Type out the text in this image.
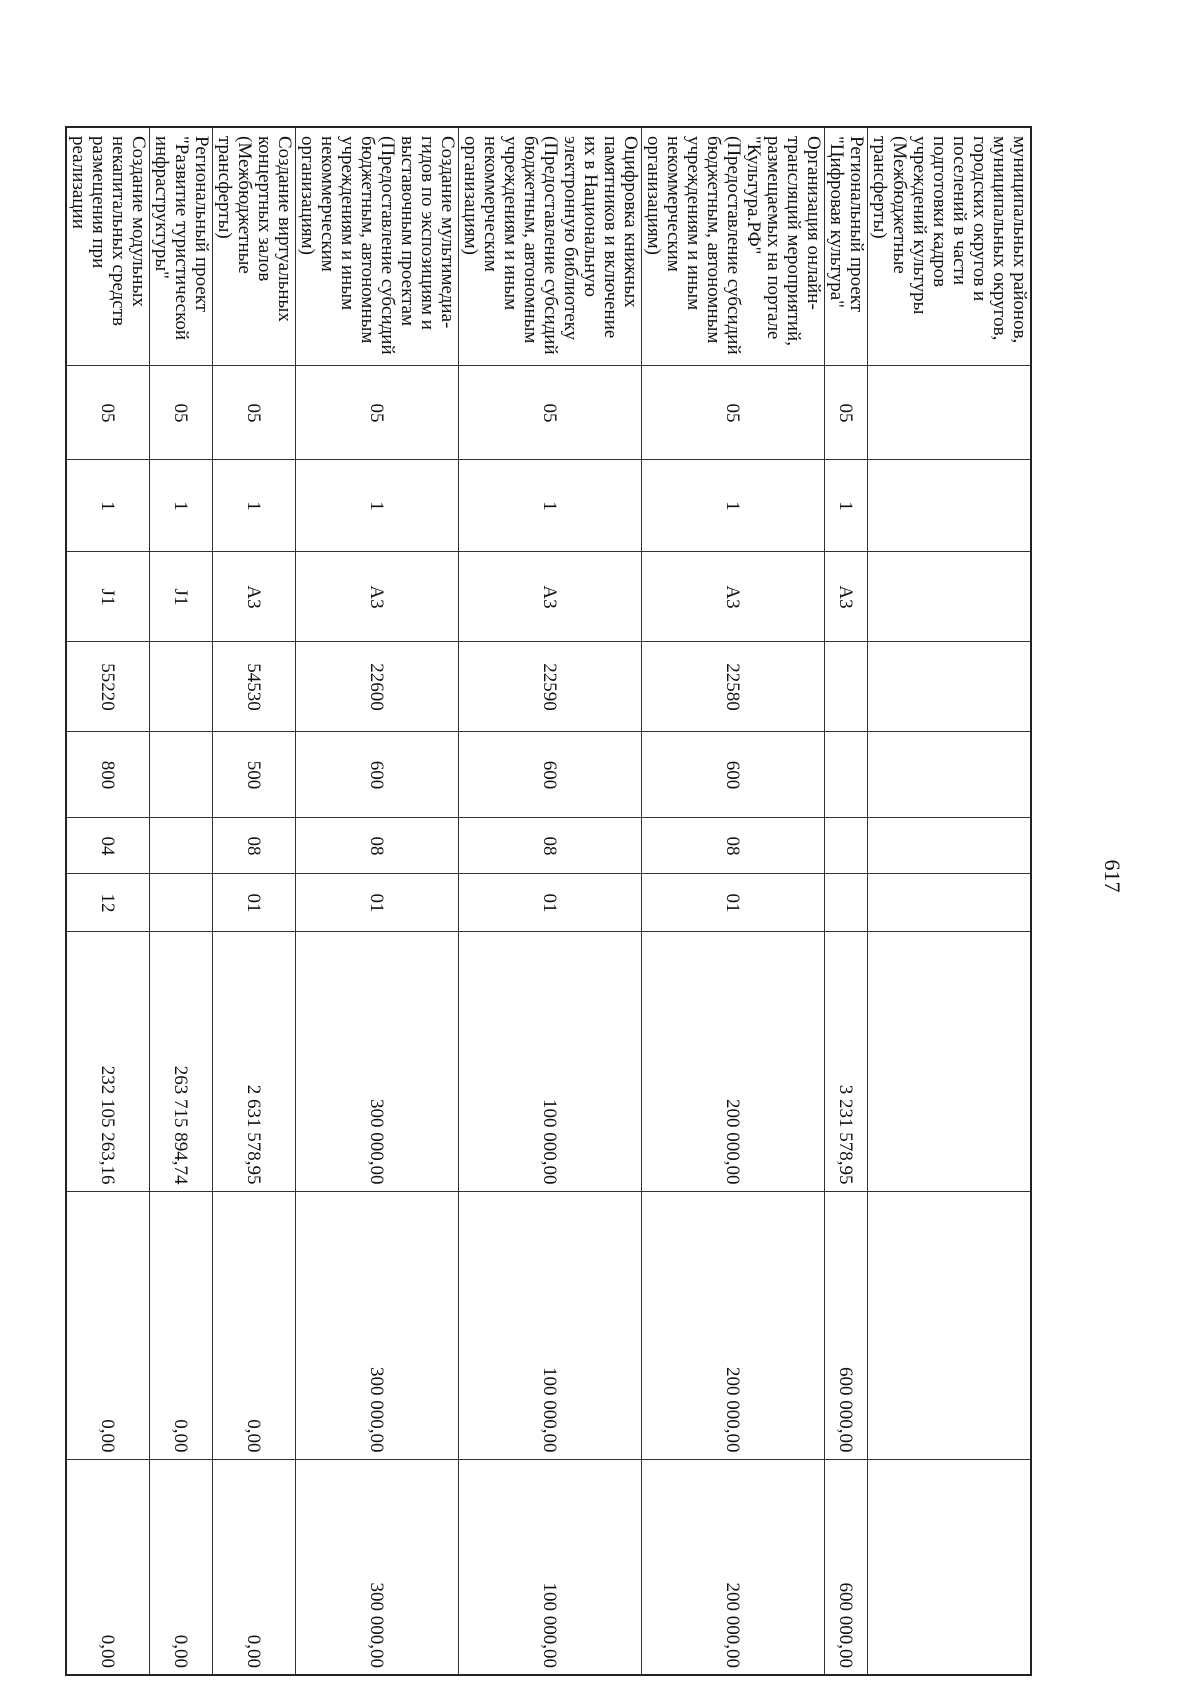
617
муниципальных районов, муниципальных округов, городских округов и поселений в части подготовки кадров учреждений культуры (Межбюджетные трансферты)										

Региональный проект "Цифровая культура"	05	1	А3					3 231 578,95	600 000,00	600 000,00

Организация онлайн-трансляций мероприятий, размещаемых на портале "Культура.РФ" (Предоставление субсидий бюджетным, автономным учреждениям и иным некоммерческим организациям)	05	1	А3	22580	600	08	01	200 000,00	200 000,00	200 000,00

Оцифровка книжных памятников и включение их в Национальную электронную библиотеку (Предоставление субсидий бюджетным, автономным учреждениям и иным некоммерческим организациям)	05	1	А3	22590	600	08	01	100 000,00	100 000,00	100 000,00

Создание мультимедиа-гидов по экспозициям и выставочным проектам (Предоставление субсидий бюджетным, автономным учреждениям и иным некоммерческим организациям)	05	1	А3	22600	600	08	01	300 000,00	300 000,00	300 000,00

Создание виртуальных концертных залов (Межбюджетные трансферты)	05	1	А3	54530	500	08	01	2 631 578,95	0,00	0,00

Региональный проект "Развитие туристической инфраструктуры"	05	1	J1					263 715 894,74	0,00	0,00

Создание модульных некапитальных средств размещения при реализации	05	1	J1	55220	800	04	12	232 105 263,16	0,00	0,00
